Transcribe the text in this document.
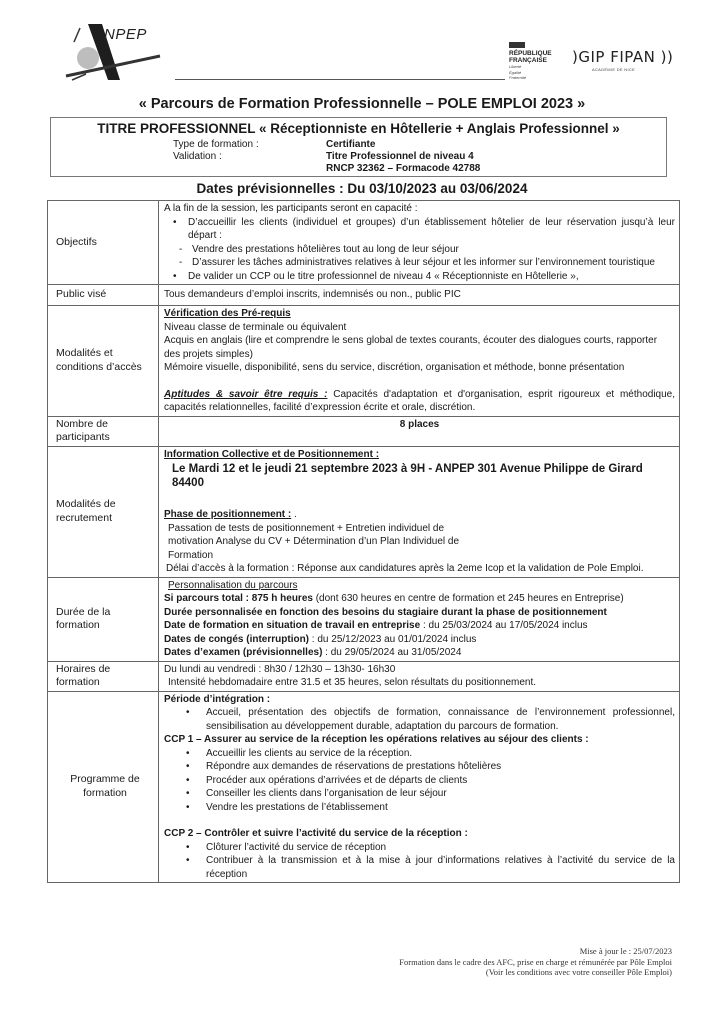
NPEP
RÉPUBLIQUE
FRANÇAISE
Liberté
Égalité
Fraternité
)GIP FIPAN ))
ACADÉMIE DE NICE
« Parcours de Formation Professionnelle – POLE EMPLOI 2023 »
TITRE PROFESSIONNEL « Réceptionniste en Hôtellerie + Anglais Professionnel »
Type de formation :	Certifiante
Validation :	Titre Professionnel de niveau 4
RNCP 32362 – Formacode 42788
Dates prévisionnelles : Du 03/10/2023 au 03/06/2024
Objectifs	
A la fin de la session, les participants seront en capacité :
• D’accueillir les clients (individuel et groupes) d’un établissement hôtelier de leur réservation jusqu’à leur départ :
- Vendre des prestations hôtelières tout au long de leur séjour
- D’assurer les tâches administratives relatives à leur séjour et les informer sur l’environnement touristique
• De valider un CCP ou le titre professionnel de niveau 4 « Réceptionniste en Hôtellerie »,

Public visé	Tous demandeurs d’emploi inscrits, indemnisés ou non., public PIC
Modalités et conditions d’accès	Vérification des Pré-requis
Niveau classe de terminale ou équivalent
Acquis en anglais (lire et comprendre le sens global de textes courants, écouter des dialogues courts, rapporter des projets simples)
Mémoire visuelle, disponibilité, sens du service, discrétion, organisation et méthode, bonne présentation
Aptitudes & savoir être requis : Capacités d'adaptation et d'organisation, esprit rigoureux et méthodique, capacités relationnelles, facilité d’expression écrite et orale, discrétion.

Nombre de participants	8 places
Modalités de recrutement	
Information Collective et de Positionnement :
Le Mardi 12 et le jeudi 21 septembre 2023 à 9H - ANPEP 301 Avenue Philippe de Girard 84400
Phase de positionnement : .
Passation de tests de positionnement + Entretien individuel de
motivation Analyse du CV + Détermination d’un Plan Individuel de
Formation
Délai d’accès à la formation : Réponse aux candidatures après la 2eme Icop et la validation de Pole Emploi.

Durée de la formation	
Personnalisation du parcours
Si parcours total : 875 h heures (dont 630 heures en centre de formation et 245 heures en Entreprise)
Durée personnalisée en fonction des besoins du stagiaire durant la phase de positionnement
Date de formation en situation de travail en entreprise : du 25/03/2024 au 17/05/2024 inclus
Dates de congés (interruption) : du 25/12/2023 au 01/01/2024 inclus
Dates d’examen (prévisionnelles) : du 29/05/2024 au 31/05/2024

Horaires de formation	Du lundi au vendredi : 8h30 / 12h30 – 13h30- 16h30
Intensité hebdomadaire entre 31.5 et 35 heures, selon résultats du positionnement.

Programme de formation	
Période d’intégration :
• Accueil, présentation des objectifs de formation, connaissance de l’environnement professionnel, sensibilisation au développement durable, adaptation du parcours de formation.
CCP 1 – Assurer au service de la réception les opérations relatives au séjour des clients :
• Accueillir les clients au service de la réception.
• Répondre aux demandes de réservations de prestations hôtelières
• Procéder aux opérations d’arrivées et de départs de clients
• Conseiller les clients dans l’organisation de leur séjour
• Vendre les prestations de l’établissement
CCP 2 – Contrôler et suivre l’activité du service de la réception :
• Clôturer l’activité du service de réception
• Contribuer à la transmission et à la mise à jour d’informations relatives à l’activité du service de la réception
Mise à jour le : 25/07/2023
Formation dans le cadre des AFC, prise en charge et rémunérée par Pôle Emploi
(Voir les conditions avec votre conseiller Pôle Emploi)
